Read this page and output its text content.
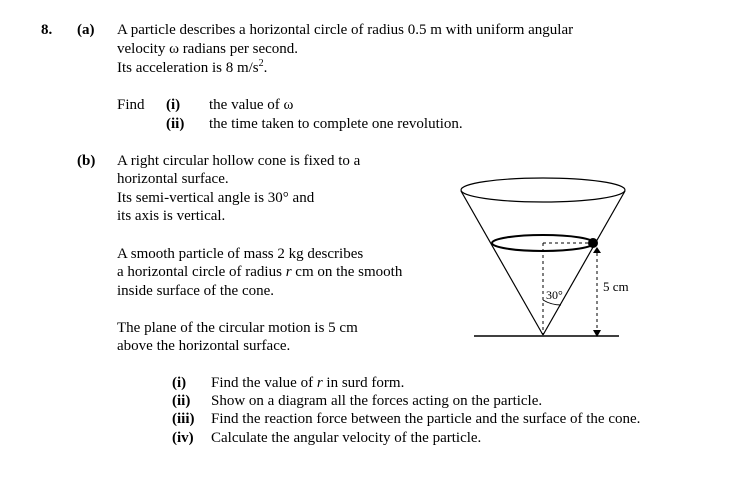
8. (a) A particle describes a horizontal circle of radius 0.5 m with uniform angular
velocity ω radians per second.
Its acceleration is 8 $m/s^2$.
Find (i) the value of ω
(ii) the time taken to complete one revolution.
(b) A right circular hollow cone is fixed to a
horizontal surface.
Its semi-vertical angle is 30° and
its axis is vertical.
A smooth particle of mass 2 kg describes
a horizontal circle of radius r cm on the smooth
inside surface of the cone.
The plane of the circular motion is 5 cm
above the horizontal surface.
(i) Find the value of r in surd form.
(ii) Show on a diagram all the forces acting on the particle.
(iii) Find the reaction force between the particle and the surface of the cone.
(iv) Calculate the angular velocity of the particle.
30°
5 cm
